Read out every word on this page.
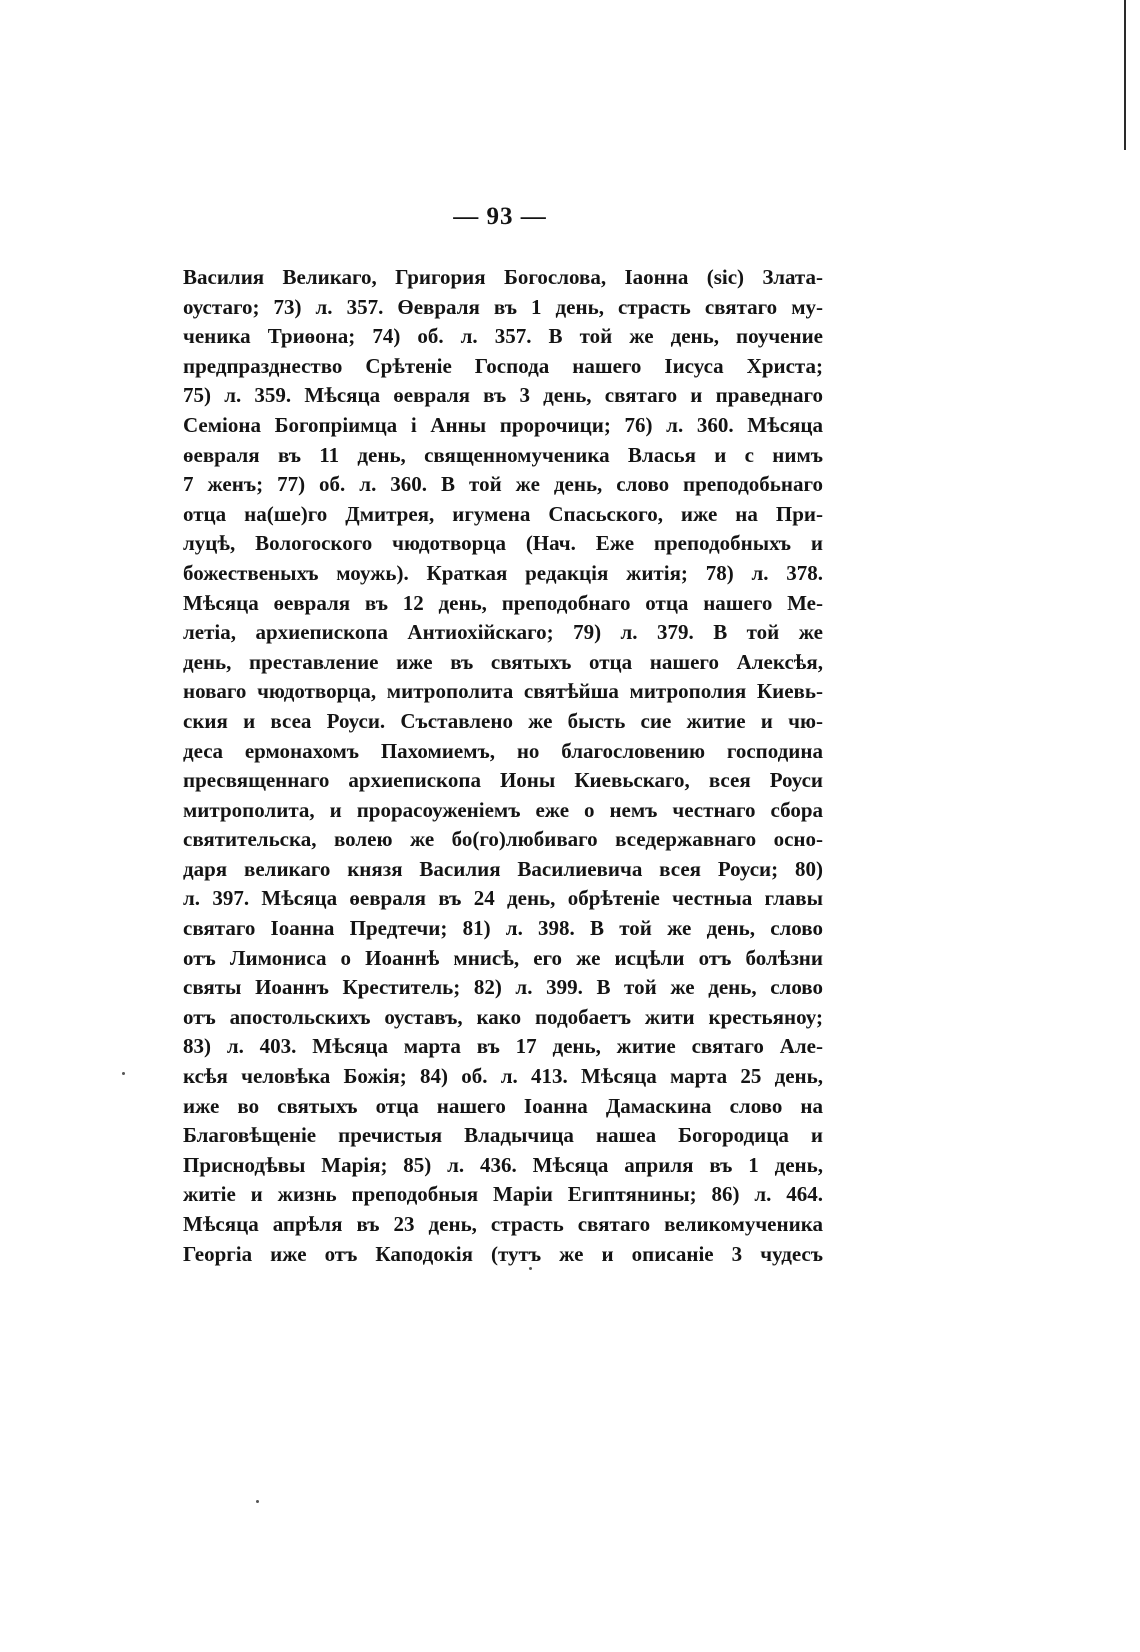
— 93 —
Василия Великаго, Григория Богослова, Іаонна (sic) Злата-
оустаго; 73) л. 357. Өевраля въ 1 день, страсть святаго му-
ченика Триөона; 74) об. л. 357. В той же день, поучение
предпразднество Срѣтеніе Господа нашего Іисуса Христа;
75) л. 359. Мѣсяца өевраля въ 3 день, святаго и праведнаго
Семіона Богопріимца і Анны пророчици; 76) л. 360. Мѣсяца
өевраля въ 11 день, священномученика Власья и с нимъ
7 женъ; 77) об. л. 360. В той же день, слово преподобьнаго
отца на(ше)го Дмитрея, игумена Спасьского, иже на При-
луцѣ, Вологоского чюдотворца (Нач. Еже преподобныхъ и
божественыхъ моужь). Краткая редакція житія; 78) л. 378.
Мѣсяца өевраля въ 12 день, преподобнаго отца нашего Ме-
летіа, архиепископа Антиохійскаго; 79) л. 379. В той же
день, преставление иже въ святыхъ отца нашего Алексѣя,
новаго чюдотворца, митрополита святѣйша митрополия Киевь-
ския и всеа Роуси. Съставлено же бысть сие житие и чю-
десa ермонахомъ Пахомиемъ, но благословению господина
пресвященнаго архиепископа Ионы Киевьскаго, всея Роуси
митрополита, и прорасоуженіемъ еже о немъ честнаго сбора
святительска, волею же бо(го)любиваго вседержавнаго осно-
даря великаго князя Василия Василиевича всея Роуси; 80)
л. 397. Мѣсяца өевраля въ 24 день, обрѣтеніе честныа главы
святаго Іоанна Предтечи; 81) л. 398. В той же день, слово
отъ Лимониса о Иоаннѣ мнисѣ, его же исцѣли отъ болѣзни
святы Иоаннъ Креститель; 82) л. 399. В той же день, слово
отъ апостольскихъ оуставъ, како подобаетъ жити крестьяноу;
83) л. 403. Мѣсяца марта въ 17 день, житие святаго Але-
ксѣя человѣка Божія; 84) об. л. 413. Мѣсяца марта 25 день,
иже во святыхъ отца нашего Іоанна Дамаскина слово на
Благовѣщеніе пречистыя Владычица нашеа Богородица и
Приснодѣвы Марія; 85) л. 436. Мѣсяца априля въ 1 день,
житіе и жизнь преподобныя Маріи Египтянины; 86) л. 464.
Мѣсяца апрѣля въ 23 день, страсть святаго великомученика
Георгіа иже отъ Каподокія (тутъ же и описаніе 3 чудесъ
